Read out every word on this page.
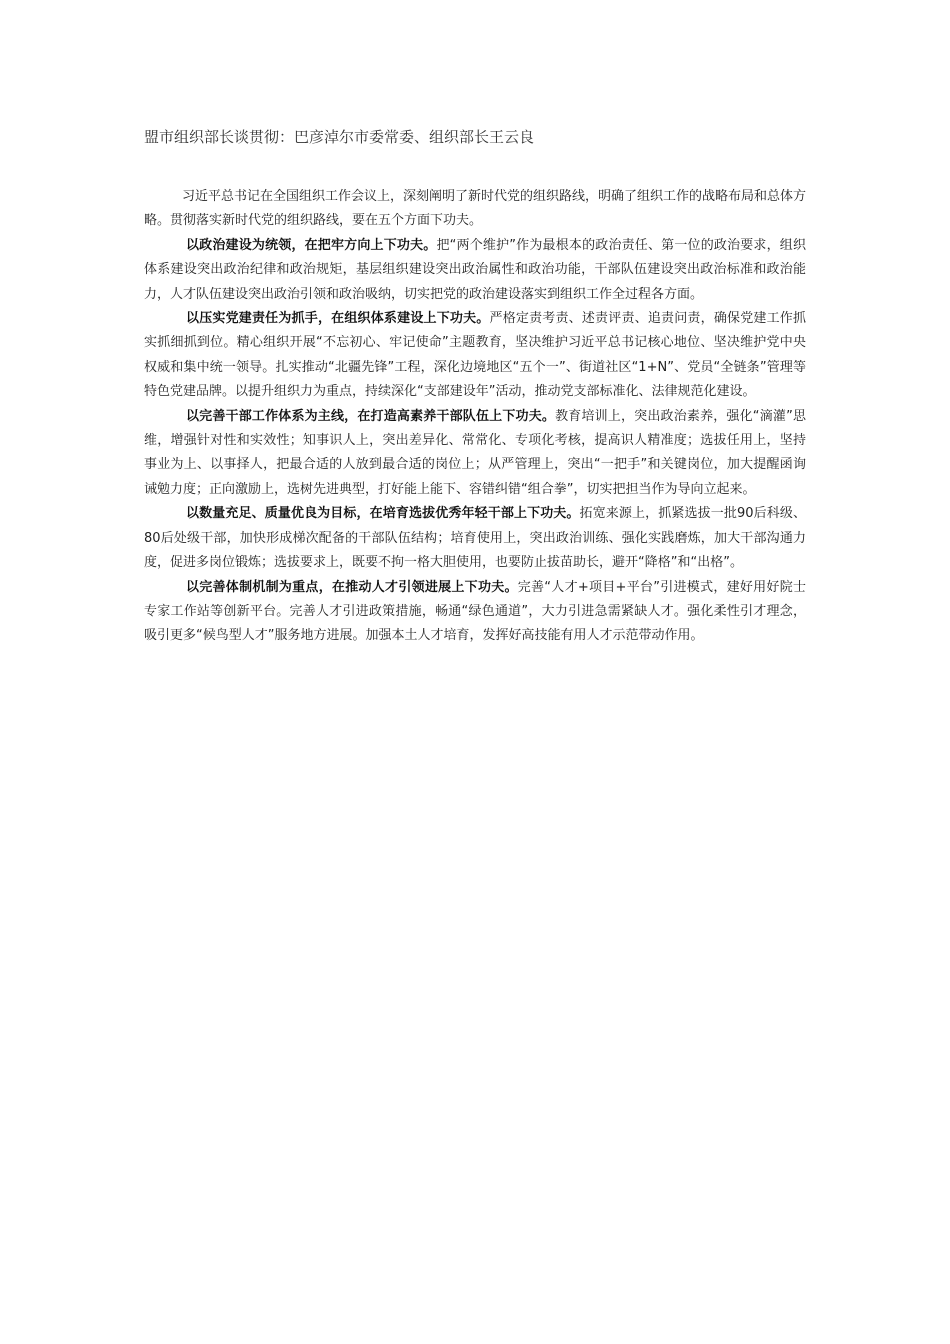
盟市组织部长谈贯彻：巴彦淖尔市委常委、组织部长王云良

习近平总书记在全国组织工作会议上，深刻阐明了新时代党的组织路线，明确了组织工作的战略布局和总体方略。贯彻落实新时代党的组织路线，要在五个方面下功夫。

以政治建设为统领，在把牢方向上下功夫。把“两个维护”作为最根本的政治责任、第一位的政治要求，组织体系建设突出政治纪律和政治规矩，基层组织建设突出政治属性和政治功能，干部队伍建设突出政治标准和政治能力，人才队伍建设突出政治引领和政治吸纳，切实把党的政治建设落实到组织工作全过程各方面。

以压实党建责任为抓手，在组织体系建设上下功夫。严格定责考责、述责评责、追责问责，确保党建工作抓实抓细抓到位。精心组织开展“不忘初心、牢记使命”主题教育，坚决维护习近平总书记核心地位、坚决维护党中央权威和集中统一领导。扎实推动“北疆先锋”工程，深化边境地区“五个一”、街道社区“1+N”、党员“全链条”管理等特色党建品牌。以提升组织力为重点，持续深化“支部建设年”活动，推动党支部标准化、法律规范化建设。

以完善干部工作体系为主线，在打造高素养干部队伍上下功夫。教育培训上，突出政治素养，强化“滴灌”思维，增强针对性和实效性；知事识人上，突出差异化、常常化、专项化考核，提高识人精准度；选拔任用上，坚持事业为上、以事择人，把最合适的人放到最合适的岗位上；从严管理上，突出“一把手”和关键岗位，加大提醒函询诫勉力度；正向激励上，选树先进典型，打好能上能下、容错纠错“组合拳”，切实把担当作为导向立起来。

以数量充足、质量优良为目标，在培育选拔优秀年轻干部上下功夫。拓宽来源上，抓紧选拔一批90后科级、80后处级干部，加快形成梯次配备的干部队伍结构；培育使用上，突出政治训练、强化实践磨炼，加大干部沟通力度，促进多岗位锻炼；选拔要求上，既要不拘一格大胆使用，也要防止拔苗助长，避开“降格”和“出格”。

以完善体制机制为重点，在推动人才引领进展上下功夫。完善“人才+项目+平台”引进模式，建好用好院士专家工作站等创新平台。完善人才引进政策措施，畅通“绿色通道”，大力引进急需紧缺人才。强化柔性引才理念，吸引更多“候鸟型人才”服务地方进展。加强本土人才培育，发挥好高技能有用人才示范带动作用。
